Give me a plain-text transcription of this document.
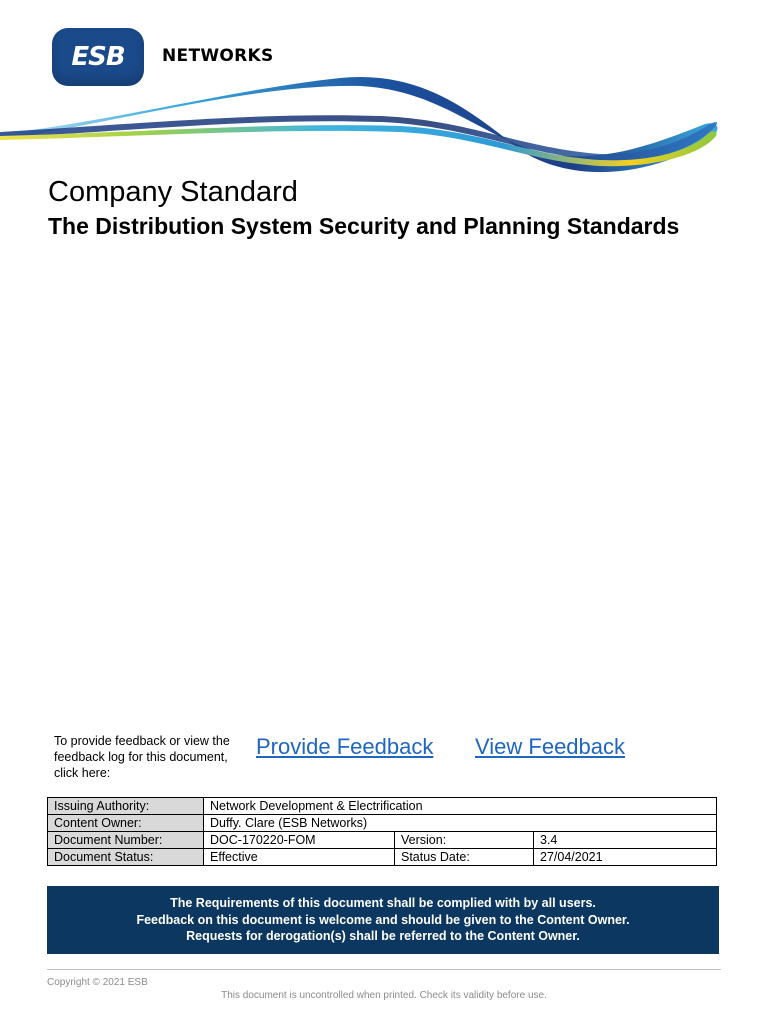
ESB NETWORKS
Company Standard
The Distribution System Security and Planning Standards
To provide feedback or view the feedback log for this document, click here:
Provide Feedback View Feedback
Issuing Authority:	Network Development & Electrification		
Content Owner:	Duffy. Clare (ESB Networks)		
Document Number:	DOC-170220-FOM	Version:	3.4
Document Status:	Effective	Status Date:	27/04/2021
The Requirements of this document shall be complied with by all users.
Feedback on this document is welcome and should be given to the Content Owner.
Requests for derogation(s) shall be referred to the Content Owner.
Copyright © 2021 ESB
This document is uncontrolled when printed. Check its validity before use.
